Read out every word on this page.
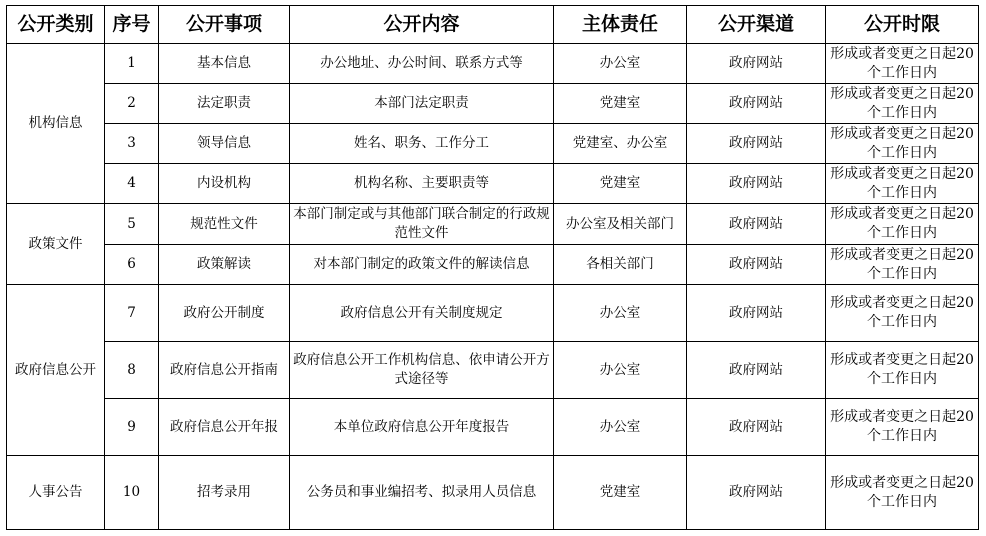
公开类别	序号	公开事项	公开内容	主体责任	公开渠道	公开时限
机构信息	1	基本信息	办公地址、办公时间、联系方式等	办公室	政府网站	形成或者变更之日起20个工作日内
	2	法定职责	本部门法定职责	党建室	政府网站	形成或者变更之日起20个工作日内
	3	领导信息	姓名、职务、工作分工	党建室、办公室	政府网站	形成或者变更之日起20个工作日内
	4	内设机构	机构名称、主要职责等	党建室	政府网站	形成或者变更之日起20个工作日内
政策文件	5	规范性文件	本部门制定或与其他部门联合制定的行政规范性文件	办公室及相关部门	政府网站	形成或者变更之日起20个工作日内
	6	政策解读	对本部门制定的政策文件的解读信息	各相关部门	政府网站	形成或者变更之日起20个工作日内
政府信息公开	7	政府公开制度	政府信息公开有关制度规定	办公室	政府网站	形成或者变更之日起20个工作日内
	8	政府信息公开指南	政府信息公开工作机构信息、依申请公开方式途径等	办公室	政府网站	形成或者变更之日起20个工作日内
	9	政府信息公开年报	本单位政府信息公开年度报告	办公室	政府网站	形成或者变更之日起20个工作日内
人事公告	10	招考录用	公务员和事业编招考、拟录用人员信息	党建室	政府网站	形成或者变更之日起20个工作日内
